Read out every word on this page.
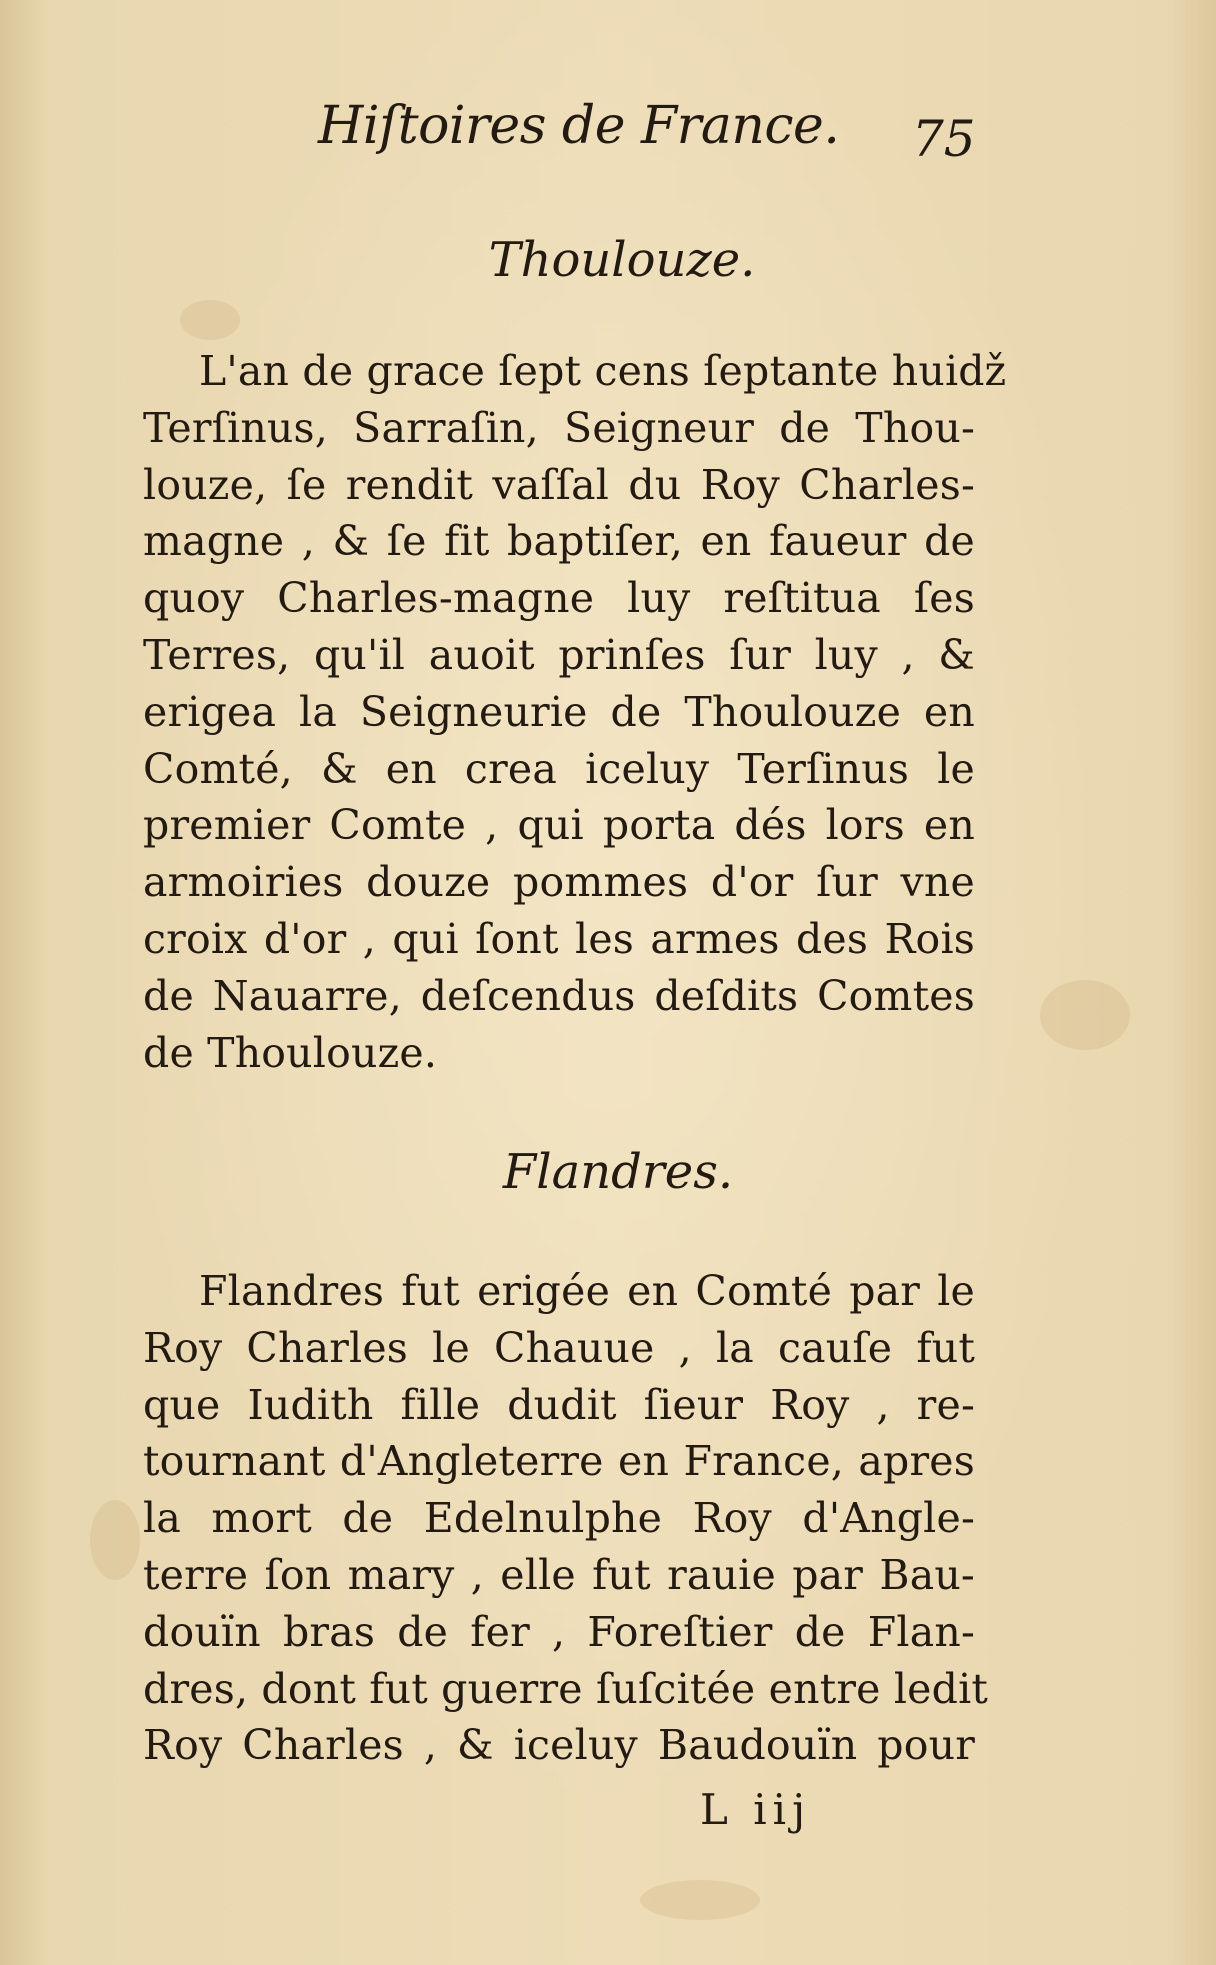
Hiſtoires de France. 75
Thoulouze.
L'an de grace ſept cens ſeptante huiǆ
Terſinus, Sarraſin, Seigneur de Thou-
louze, ſe rendit vaſſal du Roy Charles-
magne , & ſe fit baptiſer, en faueur de
quoy Charles-magne luy reſtitua ſes
Terres, qu'il auoit prinſes ſur luy , &
erigea la Seigneurie de Thoulouze en
Comté, & en crea iceluy Terſinus le
premier Comte , qui porta dés lors en
armoiries douze pommes d'or ſur vne
croix d'or , qui ſont les armes des Rois
de Nauarre, deſcendus deſdits Comtes
de Thoulouze.
Flandres.
Flandres fut erigée en Comté par le
Roy Charles le Chauue , la cauſe fut
que Iudith fille dudit ſieur Roy , re-
tournant d'Angleterre en France, apres
la mort de Edelnulphe Roy d'Angle-
terre ſon mary , elle fut rauie par Bau-
douïn bras de fer , Foreſtier de Flan-
dres, dont fut guerre ſuſcitée entre ledit
Roy Charles , & iceluy Baudouïn pour
L iij
